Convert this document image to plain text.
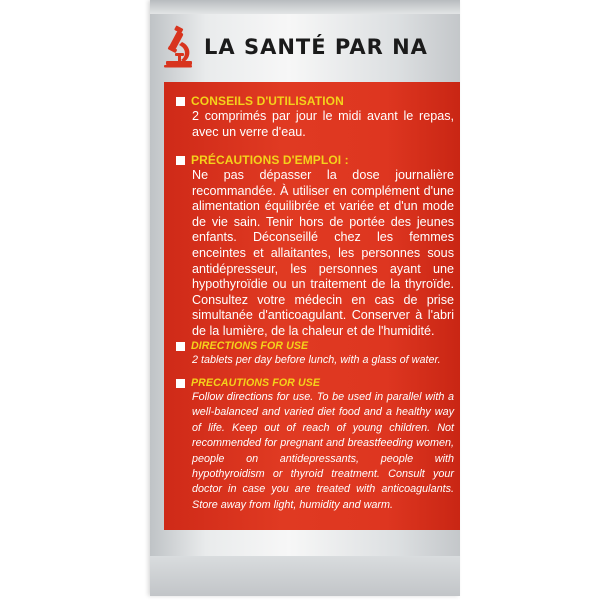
LA SANTÉ PAR NA
CONSEILS D'UTILISATION
2 comprimés par jour le midi avant le repas, avec un verre d'eau.
PRÉCAUTIONS D'EMPLOI :
Ne pas dépasser la dose journalière recommandée. À utiliser en complément d'une alimentation équilibrée et variée et d'un mode de vie sain. Tenir hors de portée des jeunes enfants. Déconseillé chez les femmes enceintes et allaitantes, les personnes sous antidépresseur, les personnes ayant une hypothyroïdie ou un traitement de la thyroïde. Consultez votre médecin en cas de prise simultanée d'anticoagulant. Conserver à l'abri de la lumière, de la chaleur et de l'humidité.
DIRECTIONS FOR USE
2 tablets per day before lunch, with a glass of water.
PRECAUTIONS FOR USE
Follow directions for use. To be used in parallel with a well-balanced and varied diet food and a healthy way of life. Keep out of reach of young children. Not recommended for pregnant and breastfeeding women, people on antidepressants, people with hypothyroidism or thyroid treatment. Consult your doctor in case you are treated with anticoagulants. Store away from light, humidity and warm.
